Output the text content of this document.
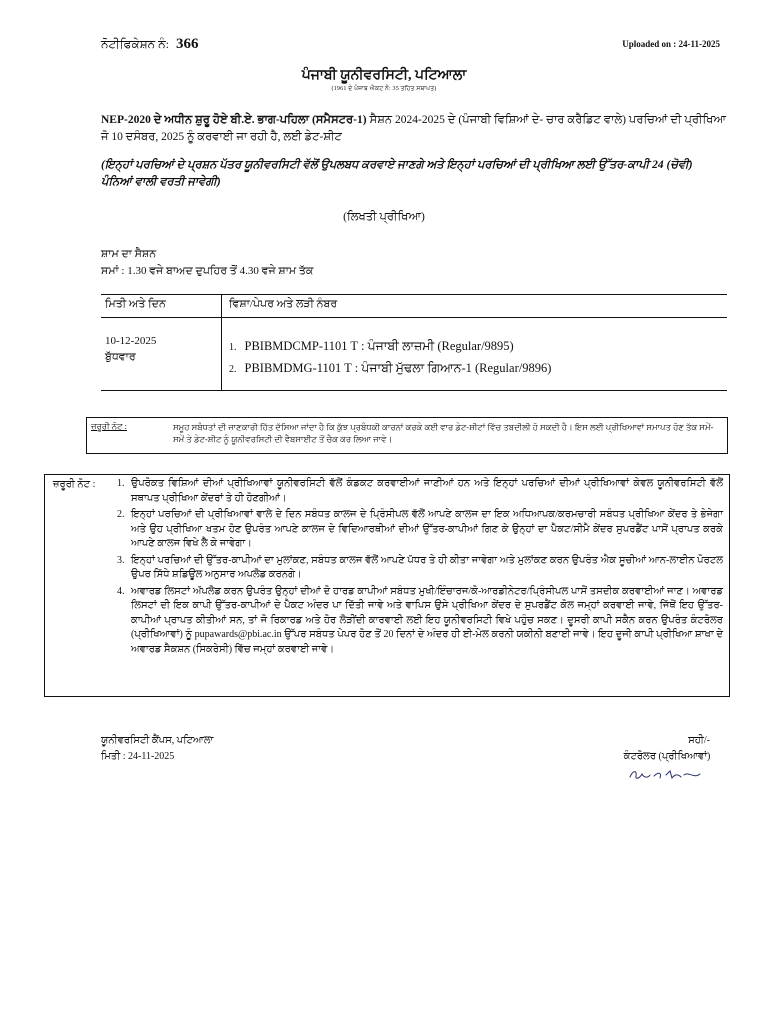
ਨੋਟੀਫਿਕੇਸ਼ਨ ਨੰ: 366	Uploaded on : 24-11-2025
ਪੰਜਾਬੀ ਯੂਨੀਵਰਸਿਟੀ, ਪਟਿਆਲਾ
(1961 ਦੇ ਪੰਜਾਬ ਐਕਟ ਨੰ: 35 ਤਹਿਤ ਸਥਾਪਤ)
NEP-2020 ਦੇ ਅਧੀਨ ਸ਼ੁਰੂ ਹੋਏ ਬੀ.ਏ. ਭਾਗ-ਪਹਿਲਾ (ਸਮੈਸਟਰ-1) ਸੈਸ਼ਨ 2024-2025 ਦੇ (ਪੰਜਾਬੀ ਵਿਸ਼ਿਆਂ ਦੇ- ਚਾਰ ਕਰੈਡਿਟ ਵਾਲੇ) ਪਰਚਿਆਂ ਦੀ ਪ੍ਰੀਖਿਆ ਜੋ 10 ਦਸੰਬਰ, 2025 ਨੂੰ ਕਰਵਾਈ ਜਾ ਰਹੀ ਹੈ, ਲਈ ਡੇਟ-ਸ਼ੀਟ
(ਇਨ੍ਹਾਂ ਪਰਚਿਆਂ ਦੇ ਪ੍ਰਸ਼ਨ ਪੱਤਰ ਯੂਨੀਵਰਸਿਟੀ ਵੱਲੋਂ ਉਪਲਬਧ ਕਰਵਾਏ ਜਾਣਗੇ ਅਤੇ ਇਨ੍ਹਾਂ ਪਰਚਿਆਂ ਦੀ ਪ੍ਰੀਖਿਆ ਲਈ ਉੱਤਰ-ਕਾਪੀ 24 (ਚੋਵੀ) ਪੰਨਿਆਂ ਵਾਲੀ ਵਰਤੀ ਜਾਵੇਗੀ)
(ਲਿਖਤੀ ਪ੍ਰੀਖਿਆ)
ਸ਼ਾਮ ਦਾ ਸੈਸ਼ਨ
ਸਮਾਂ : 1.30 ਵਜੇ ਬਾਅਦ ਦੁਪਹਿਰ ਤੋਂ 4.30 ਵਜੇ ਸ਼ਾਮ ਤੱਕ
ਮਿਤੀ ਅਤੇ ਦਿਨ	ਵਿਸ਼ਾ/ਪੇਪਰ ਅਤੇ ਲੜੀ ਨੰਬਰ
10-12-2025
ਬੁੱਧਵਾਰ
1. PBIBMDCMP-1101 T : ਪੰਜਾਬੀ ਲਾਜ਼ਮੀ (Regular/9895)
2. PBIBMDMG-1101 T : ਪੰਜਾਬੀ ਮੁੱਢਲਾ ਗਿਆਨ-1 (Regular/9896)
ਜ਼ਰੂਰੀ ਨੋਟ :	ਸਮੂਹ ਸਬੰਧਤਾਂ ਦੀ ਜਾਣਕਾਰੀ ਹਿੱਤ ਦੱਸਿਆ ਜਾਂਦਾ ਹੈ ਕਿ ਕੁੱਝ ਪ੍ਰਬੰਧਕੀ ਕਾਰਨਾਂ ਕਰਕੇ ਕਈ ਵਾਰ ਡੇਟ-ਸ਼ੀਟਾਂ ਵਿੱਚ ਤਬਦੀਲੀ ਹੋ ਸਕਦੀ ਹੈ। ਇਸ ਲਈ ਪ੍ਰੀਖਿਆਵਾਂ ਸਮਾਪਤ ਹੋਣ ਤੱਕ ਸਮੇਂ-ਸਮੇਂ ਤੇ ਡੇਟ-ਸ਼ੀਟ ਨੂੰ ਯੂਨੀਵਰਸਿਟੀ ਦੀ ਵੈਬਸਾਈਟ ਤੋਂ ਚੈਕ ਕਰ ਲਿਆ ਜਾਵੇ।
ਜ਼ਰੂਰੀ ਨੋਟ : 1. ਉਪਰੋਕਤ ਵਿਸ਼ਿਆਂ ਦੀਆਂ ਪ੍ਰੀਖਿਆਵਾਂ ਯੂਨੀਵਰਸਿਟੀ ਵੱਲੋਂ ਕੰਡਕਟ ਕਰਵਾਈਆਂ ਜਾਣੀਆਂ ਹਨ ਅਤੇ ਇਨ੍ਹਾਂ ਪਰਚਿਆਂ ਦੀਆਂ ਪ੍ਰੀਖਿਆਵਾਂ ਕੇਵਲ ਯੂਨੀਵਰਸਿਟੀ ਵੱਲੋਂ ਸਥਾਪਤ ਪ੍ਰੀਖਿਆ ਕੇਂਦਰਾਂ ਤੇ ਹੀ ਹੋਣਗੀਆਂ।
2. ਇਨ੍ਹਾਂ ਪਰਚਿਆਂ ਦੀ ਪ੍ਰੀਖਿਆਵਾਂ ਵਾਲੇ ਦੇ ਦਿਨ ਸਬੰਧਤ ਕਾਲਜ ਦੇ ਪ੍ਰਿੰਸੀਪਲ ਵੱਲੋਂ ਆਪਣੇ ਕਾਲਜ ਦਾ ਇਕ ਅਧਿਆਪਕ/ਕਰਮਚਾਰੀ ਸਬੰਧਤ ਪ੍ਰੀਖਿਆ ਕੇਂਦਰ ਤੇ ਭੇਜੇਗਾ ਅਤੇ ਉਹ ਪ੍ਰੀਖਿਆ ਖਤਮ ਹੋਣ ਉਪਰੰਤ ਆਪਣੇ ਕਾਲਜ ਦੇ ਵਿਦਿਆਰਥੀਆਂ ਦੀਆਂ ਉੱਤਰ-ਕਾਪੀਆਂ ਗਿਣ ਕੇ ਉਨ੍ਹਾਂ ਦਾ ਪੈਕਟ/ਸੀਮੈ ਕੇਂਦਰ ਸੁਪਰਡੈਂਟ ਪਾਸੋਂ ਪ੍ਰਾਪਤ ਕਰਕੇ ਆਪਣੇ ਕਾਲਜ ਵਿਖੇ ਲੈ ਕੇ ਜਾਵੇਗਾ।
3. ਇਨ੍ਹਾਂ ਪਰਚਿਆਂ ਦੀ ਉੱਤਰ-ਕਾਪੀਆਂ ਦਾ ਮੁਲਾਂਕਣ, ਸਬੰਧਤ ਕਾਲਜ ਵੱਲੋਂ ਆਪਣੇ ਪੱਧਰ ਤੇ ਹੀ ਕੀਤਾ ਜਾਵੇਗਾ ਅਤੇ ਮੁਲਾਂਕਣ ਕਰਨ ਉਪਰੰਤ ਐਕ ਸੂਚੀਆਂ ਆਨ-ਲਾਈਨ ਪੋਰਟਲ ਉਪਰ ਸਿੱਧੇ ਸ਼ਡਿਊਲ ਅਨੁਸਾਰ ਅਪਲੋਡ ਕਰਨਗੇ।
4. ਅਵਾਰਡ ਲਿਸਟਾਂ ਅੱਪਲੋਡ ਕਰਨ ਉਪਰੰਤ ਉਨ੍ਹਾਂ ਦੀਆਂ ਦੋ ਹਾਰਡ ਕਾਪੀਆਂ ਸਬੰਧਤ ਮੁਖੀ/ਇੰਚਾਰਜ/ਕੋ-ਆਰਡੀਨੇਟਰ/ਪ੍ਰਿੰਸੀਪਲ ਪਾਸੋਂ ਤਸਦੀਕ ਕਰਵਾਈਆਂ ਜਾਣ। ਅਵਾਰਡ ਲਿਸਟਾਂ ਦੀ ਇਕ ਕਾਪੀ ਉੱਤਰ-ਕਾਪੀਆਂ ਦੇ ਪੈਕਟ ਅੰਦਰ ਪਾ ਦਿੱਤੀ ਜਾਵੇ ਅਤੇ ਵਾਪਿਸ ਉਸੇ ਪ੍ਰੀਖਿਆ ਕੇਂਦਰ ਦੇ ਸੁਪਰਡੈਂਟ ਕੋਲ ਜਮ੍ਹਾਂ ਕਰਵਾਈ ਜਾਵੇ, ਜਿੱਥੋਂ ਇਹ ਉੱਤਰ-ਕਾਪੀਆਂ ਪ੍ਰਾਪਤ ਕੀਤੀਆਂ ਸਨ, ਤਾਂ ਜੋ ਰਿਕਾਰਡ ਅਤੇ ਹੋਰ ਲੋੜੀਂਦੀ ਕਾਰਵਾਈ ਲਈ ਇਹ ਯੂਨੀਵਰਸਿਟੀ ਵਿਖੇ ਪਹੁੰਚ ਸਕਣ। ਦੂਸਰੀ ਕਾਪੀ ਸਕੈਨ ਕਰਨ ਉਪਰੰਤ ਕੰਟਰੋਲਰ (ਪ੍ਰੀਖਿਆਵਾਂ) ਨੂੰ pupawards@pbi.ac.in ਉੱਪਰ ਸਬੰਧਤ ਪੇਪਰ ਹੋਣ ਤੋਂ 20 ਦਿਨਾਂ ਦੇ ਅੰਦਰ ਹੀ ਈ-ਮੇਲ ਕਰਨੀ ਯਕੀਨੀ ਬਣਾਈ ਜਾਵੇ। ਇਹ ਦੂਜੀ ਕਾਪੀ ਪ੍ਰੀਖਿਆ ਸ਼ਾਖਾ ਦੇ ਅਵਾਰਡ ਸੈਕਸ਼ਨ (ਸਿਕਰੇਸੀ) ਵਿੱਚ ਜਮ੍ਹਾਂ ਕਰਵਾਈ ਜਾਵੇ।
ਯੂਨੀਵਰਸਿਟੀ ਕੈਂਪਸ, ਪਟਿਆਲਾ
ਮਿਤੀ : 24-11-2025
ਸਹੀ/-
ਕੰਟਰੋਲਰ (ਪ੍ਰੀਖਿਆਵਾਂ)
